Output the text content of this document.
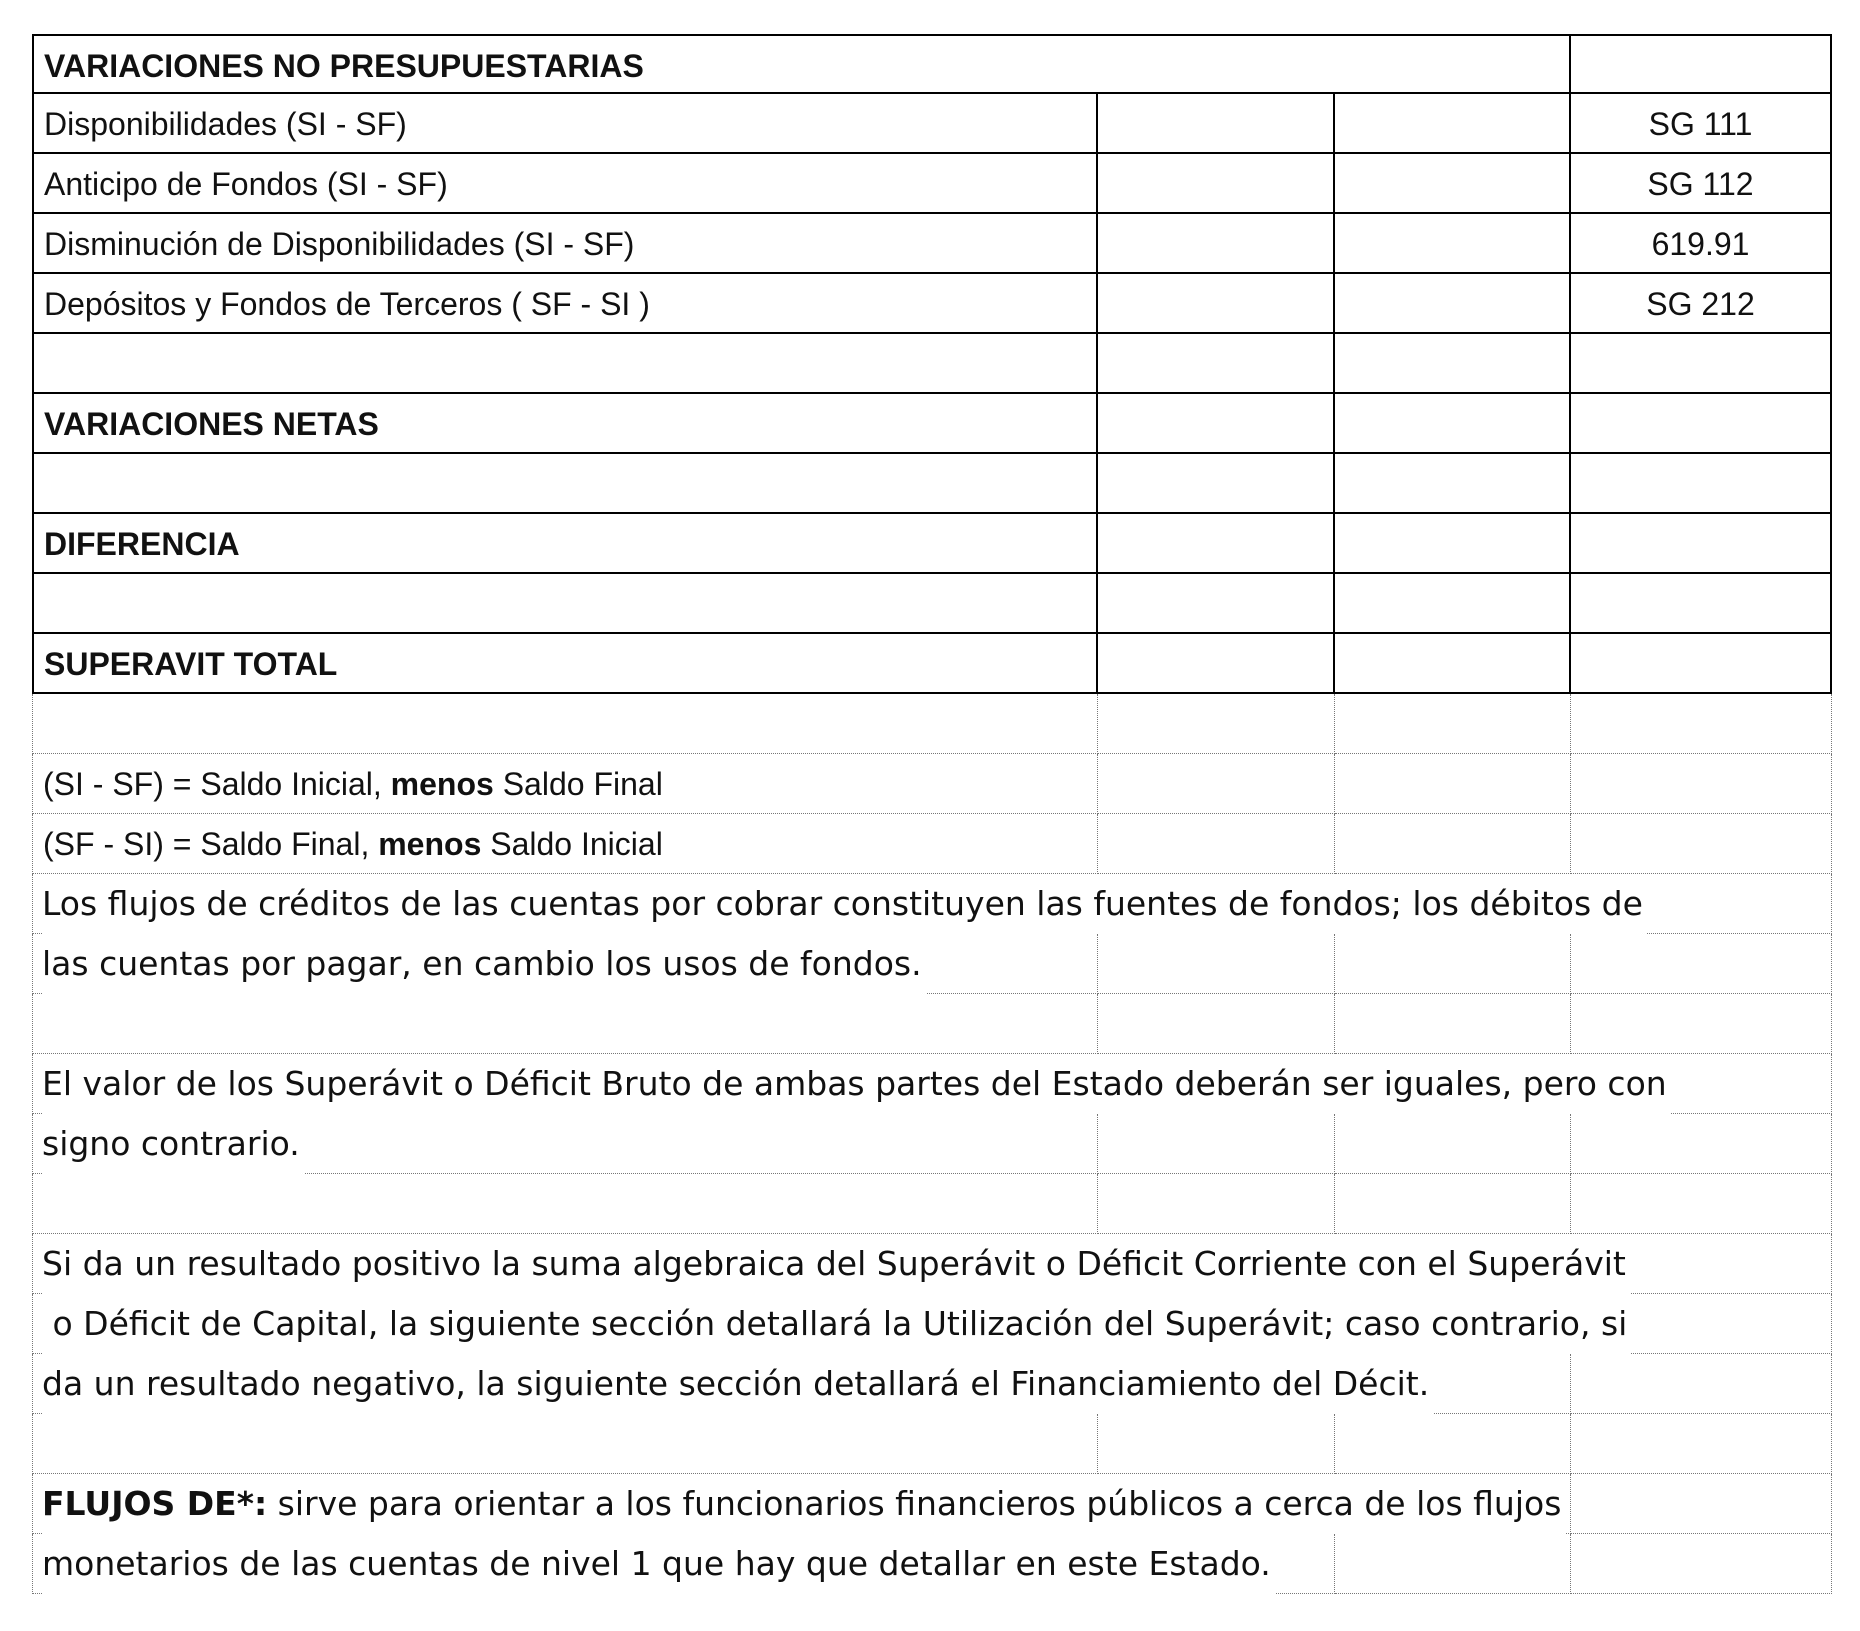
VARIACIONES NO PRESUPUESTARIAS
Disponibilidades (SI - SF)	SG 111
Anticipo de Fondos (SI - SF)	SG 112
Disminución de Disponibilidades (SI - SF)	619.91
Depósitos y Fondos de Terceros ( SF - SI )	SG 212
VARIACIONES NETAS
DIFERENCIA
SUPERAVIT TOTAL
(SI - SF) = Saldo Inicial, menos Saldo Final
(SF - SI) = Saldo Final, menos Saldo Inicial
Los flujos de créditos de las cuentas por cobrar constituyen las fuentes de fondos; los débitos de
las cuentas por pagar, en cambio los usos de fondos.
El valor de los Superávit o Déficit Bruto de ambas partes del Estado deberán ser iguales, pero con
signo contrario.
Si da un resultado positivo la suma algebraica del Superávit o Déficit Corriente con el Superávit
o Déficit de Capital, la siguiente sección detallará la Utilización del Superávit; caso contrario, si
da un resultado negativo, la siguiente sección detallará el Financiamiento del Décit.
FLUJOS DE*: sirve para orientar a los funcionarios financieros públicos a cerca de los flujos
monetarios de las cuentas de nivel 1 que hay que detallar en este Estado.
